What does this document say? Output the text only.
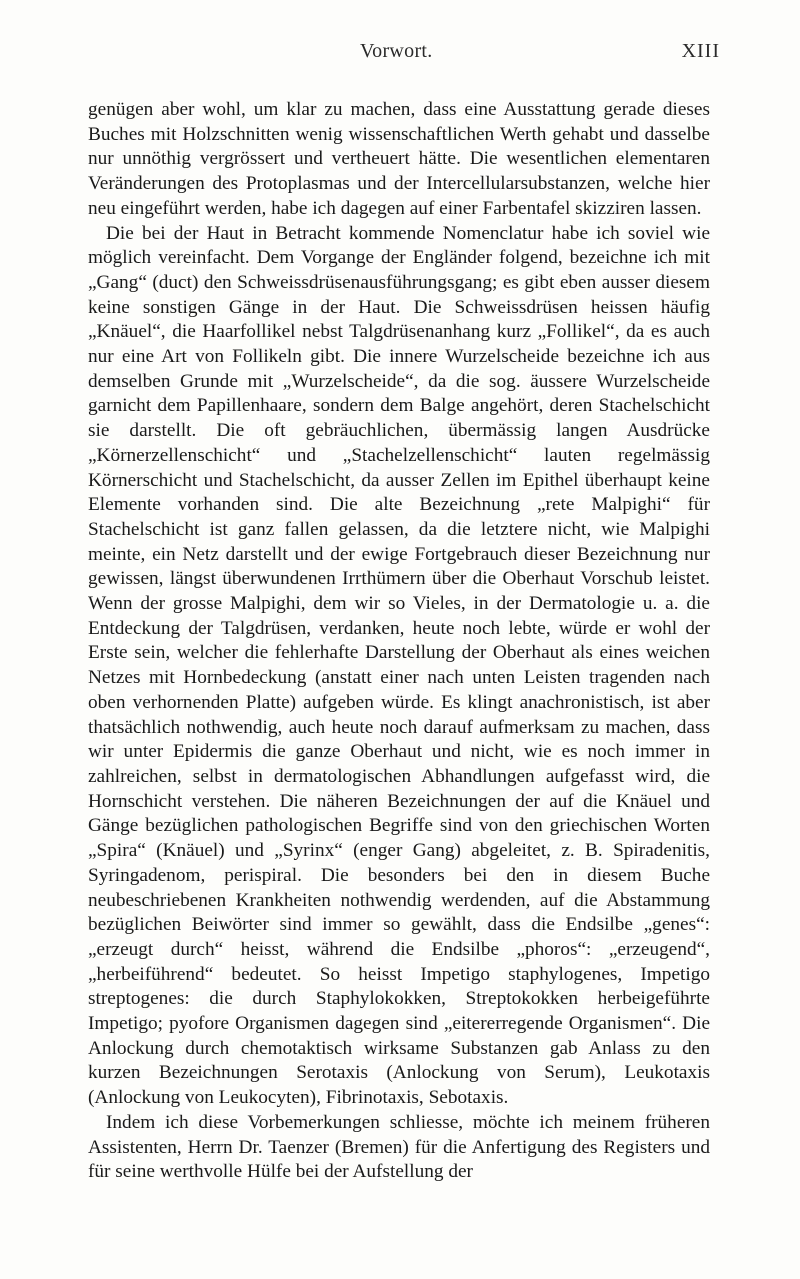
Vorwort.	XIII

genügen aber wohl, um klar zu machen, dass eine Ausstattung gerade dieses Buches mit Holzschnitten wenig wissenschaftlichen Werth gehabt und dasselbe nur unnöthig vergrössert und vertheuert hätte. Die wesentlichen elementaren Veränderungen des Protoplasmas und der Intercellularsubstanzen, welche hier neu eingeführt werden, habe ich dagegen auf einer Farbentafel skizziren lassen.

Die bei der Haut in Betracht kommende Nomenclatur habe ich soviel wie möglich vereinfacht. Dem Vorgange der Engländer folgend, bezeichne ich mit „Gang“ (duct) den Schweissdrüsenausführungsgang; es gibt eben ausser diesem keine sonstigen Gänge in der Haut. Die Schweissdrüsen heissen häufig „Knäuel“, die Haarfollikel nebst Talgdrüsenanhang kurz „Follikel“, da es auch nur eine Art von Follikeln gibt. Die innere Wurzelscheide bezeichne ich aus demselben Grunde mit „Wurzelscheide“, da die sog. äussere Wurzelscheide garnicht dem Papillenhaare, sondern dem Balge angehört, deren Stachelschicht sie darstellt. Die oft gebräuchlichen, übermässig langen Ausdrücke „Körnerzellenschicht“ und „Stachelzellenschicht“ lauten regelmässig Körnerschicht und Stachelschicht, da ausser Zellen im Epithel überhaupt keine Elemente vorhanden sind. Die alte Bezeichnung „rete Malpighi“ für Stachelschicht ist ganz fallen gelassen, da die letztere nicht, wie Malpighi meinte, ein Netz darstellt und der ewige Fortgebrauch dieser Bezeichnung nur gewissen, längst überwundenen Irrthümern über die Oberhaut Vorschub leistet. Wenn der grosse Malpighi, dem wir so Vieles, in der Dermatologie u. a. die Entdeckung der Talgdrüsen, verdanken, heute noch lebte, würde er wohl der Erste sein, welcher die fehlerhafte Darstellung der Oberhaut als eines weichen Netzes mit Hornbedeckung (anstatt einer nach unten Leisten tragenden nach oben verhornenden Platte) aufgeben würde. Es klingt anachronistisch, ist aber thatsächlich nothwendig, auch heute noch darauf aufmerksam zu machen, dass wir unter Epidermis die ganze Oberhaut und nicht, wie es noch immer in zahlreichen, selbst in dermatologischen Abhandlungen aufgefasst wird, die Hornschicht verstehen. Die näheren Bezeichnungen der auf die Knäuel und Gänge bezüglichen pathologischen Begriffe sind von den griechischen Worten „Spira“ (Knäuel) und „Syrinx“ (enger Gang) abgeleitet, z. B. Spiradenitis, Syringadenom, perispiral. Die besonders bei den in diesem Buche neubeschriebenen Krankheiten nothwendig werdenden, auf die Abstammung bezüglichen Beiwörter sind immer so gewählt, dass die Endsilbe „genes“: „erzeugt durch“ heisst, während die Endsilbe „phoros“: „erzeugend“, „herbeiführend“ bedeutet. So heisst Impetigo staphylogenes, Impetigo streptogenes: die durch Staphylokokken, Streptokokken herbeigeführte Impetigo; pyofore Organismen dagegen sind „eitererregende Organismen“. Die Anlockung durch chemotaktisch wirksame Substanzen gab Anlass zu den kurzen Bezeichnungen Serotaxis (Anlockung von Serum), Leukotaxis (Anlockung von Leukocyten), Fibrinotaxis, Sebotaxis.

Indem ich diese Vorbemerkungen schliesse, möchte ich meinem früheren Assistenten, Herrn Dr. Taenzer (Bremen) für die Anfertigung des Registers und für seine werthvolle Hülfe bei der Aufstellung der
